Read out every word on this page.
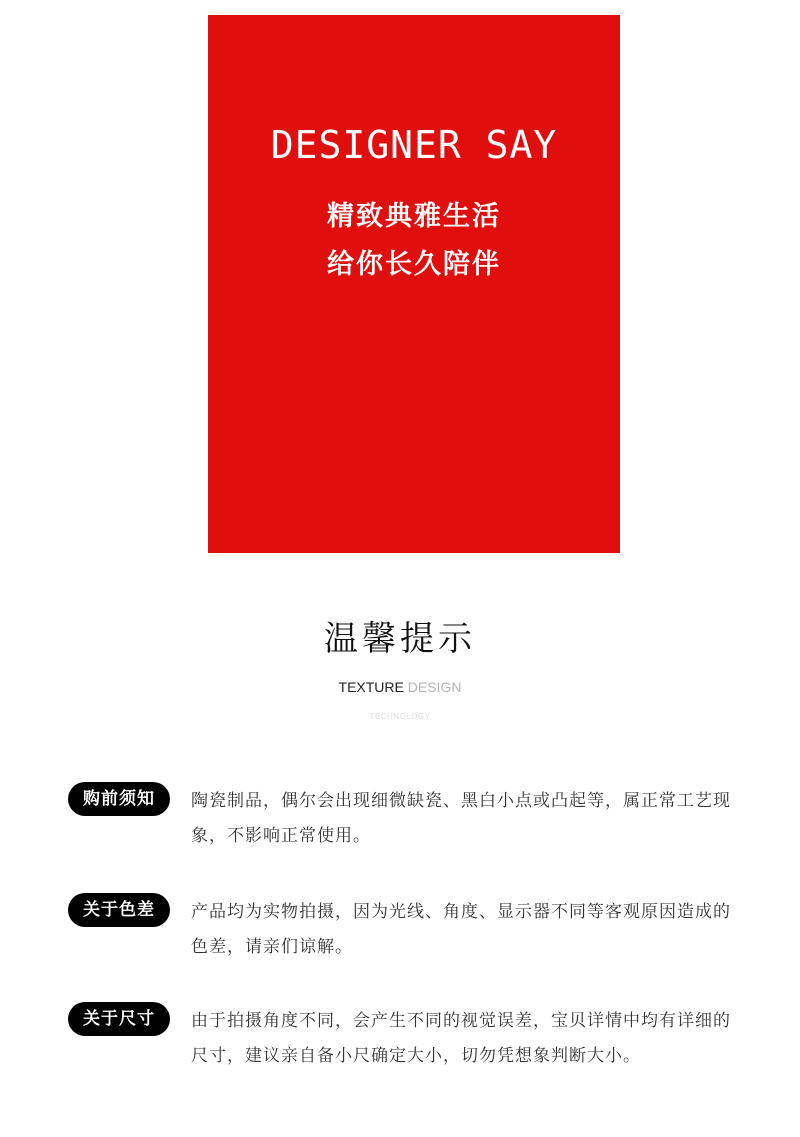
DESIGNER SAY
精致典雅生活
给你长久陪伴
温馨提示
TEXTURE DESIGN
TECHNOLOGY
购前须知	陶瓷制品，偶尔会出现细微缺瓷、黑白小点或凸起等，属正常工艺现象，不影响正常使用。
关于色差	产品均为实物拍摄，因为光线、角度、显示器不同等客观原因造成的色差，请亲们谅解。
关于尺寸	由于拍摄角度不同，会产生不同的视觉误差，宝贝详情中均有详细的尺寸，建议亲自备小尺确定大小，切勿凭想象判断大小。
